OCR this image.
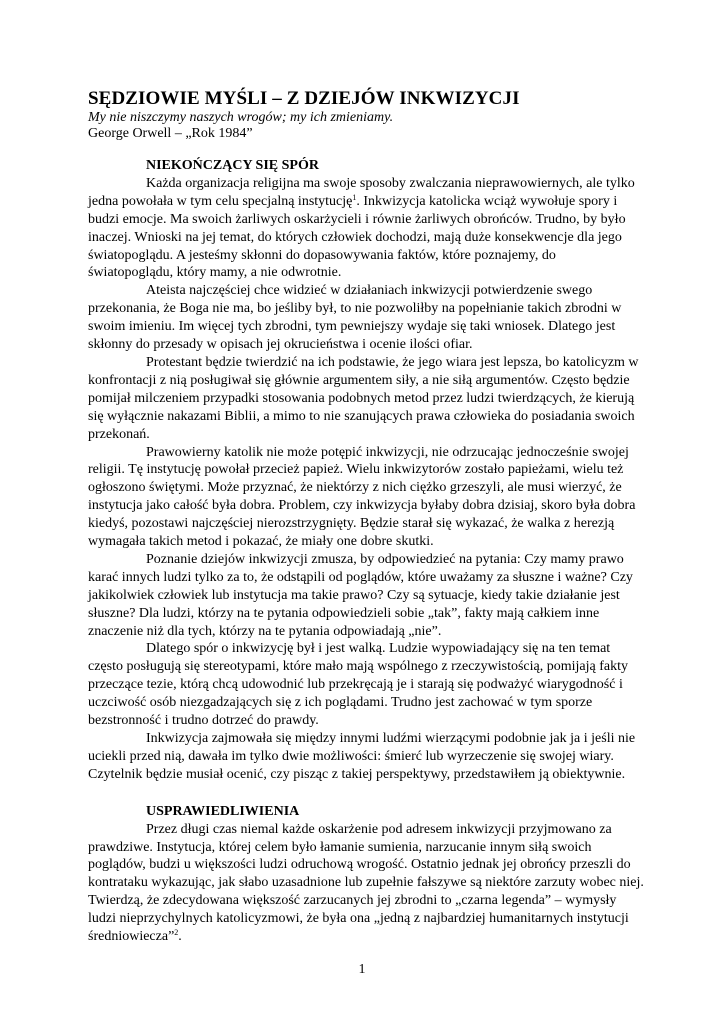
SĘDZIOWIE MYŚLI – Z DZIEJÓW INKWIZYCJI
My nie niszczymy naszych wrogów; my ich zmieniamy.
George Orwell – „Rok 1984”
NIEKOŃCZĄCY SIĘ SPÓR

Każda organizacja religijna ma swoje sposoby zwalczania nieprawowiernych, ale tylko jedna powołała w tym celu specjalną instytucję$^1$. Inkwizycja katolicka wciąż wywołuje spory i budzi emocje. Ma swoich żarliwych oskarżycieli i równie żarliwych obrońców. Trudno, by było inaczej. Wnioski na jej temat, do których człowiek dochodzi, mają duże konsekwencje dla jego światopoglądu. A jesteśmy skłonni do dopasowywania faktów, które poznajemy, do światopoglądu, który mamy, a nie odwrotnie.

Ateista najczęściej chce widzieć w działaniach inkwizycji potwierdzenie swego przekonania, że Boga nie ma, bo jeśliby był, to nie pozwoliłby na popełnianie takich zbrodni w swoim imieniu. Im więcej tych zbrodni, tym pewniejszy wydaje się taki wniosek. Dlatego jest skłonny do przesady w opisach jej okrucieństwa i ocenie ilości ofiar.

Protestant będzie twierdzić na ich podstawie, że jego wiara jest lepsza, bo katolicyzm w konfrontacji z nią posługiwał się głównie argumentem siły, a nie siłą argumentów. Często będzie pomijał milczeniem przypadki stosowania podobnych metod przez ludzi twierdzących, że kierują się wyłącznie nakazami Biblii, a mimo to nie szanujących prawa człowieka do posiadania swoich przekonań.

Prawowierny katolik nie może potępić inkwizycji, nie odrzucając jednocześnie swojej religii. Tę instytucję powołał przecież papież. Wielu inkwizytorów zostało papieżami, wielu też ogłoszono świętymi. Może przyznać, że niektórzy z nich ciężko grzeszyli, ale musi wierzyć, że instytucja jako całość była dobra. Problem, czy inkwizycja byłaby dobra dzisiaj, skoro była dobra kiedyś, pozostawi najczęściej nierozstrzygnięty. Będzie starał się wykazać, że walka z herezją wymagała takich metod i pokazać, że miały one dobre skutki.

Poznanie dziejów inkwizycji zmusza, by odpowiedzieć na pytania: Czy mamy prawo karać innych ludzi tylko za to, że odstąpili od poglądów, które uważamy za słuszne i ważne? Czy jakikolwiek człowiek lub instytucja ma takie prawo? Czy są sytuacje, kiedy takie działanie jest słuszne? Dla ludzi, którzy na te pytania odpowiedzieli sobie „tak”, fakty mają całkiem inne znaczenie niż dla tych, którzy na te pytania odpowiadają „nie”.

Dlatego spór o inkwizycję był i jest walką. Ludzie wypowiadający się na ten temat często posługują się stereotypami, które mało mają wspólnego z rzeczywistością, pomijają fakty przeczące tezie, którą chcą udowodnić lub przekręcają je i starają się podważyć wiarygodność i uczciwość osób niezgadzających się z ich poglądami. Trudno jest zachować w tym sporze bezstronność i trudno dotrzeć do prawdy.

Inkwizycja zajmowała się między innymi ludźmi wierzącymi podobnie jak ja i jeśli nie uciekli przed nią, dawała im tylko dwie możliwości: śmierć lub wyrzeczenie się swojej wiary. Czytelnik będzie musiał ocenić, czy pisząc z takiej perspektywy, przedstawiłem ją obiektywnie.

USPRAWIEDLIWIENIA

Przez długi czas niemal każde oskarżenie pod adresem inkwizycji przyjmowano za prawdziwe. Instytucja, której celem było łamanie sumienia, narzucanie innym siłą swoich poglądów, budzi u większości ludzi odruchową wrogość. Ostatnio jednak jej obrońcy przeszli do kontrataku wykazując, jak słabo uzasadnione lub zupełnie fałszywe są niektóre zarzuty wobec niej. Twierdzą, że zdecydowana większość zarzucanych jej zbrodni to „czarna legenda” – wymysły ludzi nieprzychylnych katolicyzmowi, że była ona „jedną z najbardziej humanitarnych instytucji średniowiecza”$^2$.

1
